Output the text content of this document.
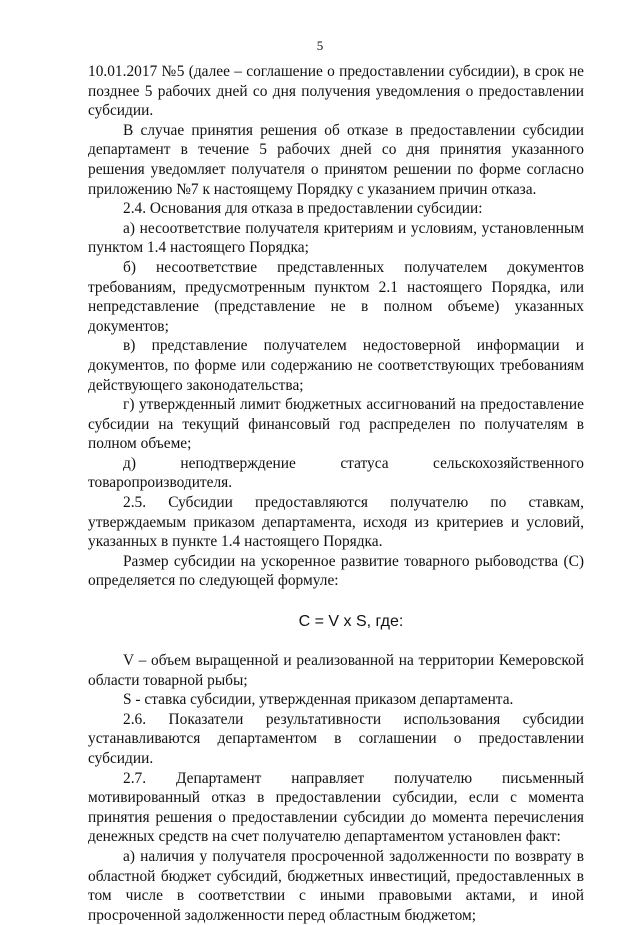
5

10.01.2017 №5 (далее – соглашение о предоставлении субсидии), в срок не позднее 5 рабочих дней со дня получения уведомления о предоставлении субсидии.

В случае принятия решения об отказе в предоставлении субсидии департамент в течение 5 рабочих дней со дня принятия указанного решения уведомляет получателя о принятом решении по форме согласно приложению №7 к настоящему Порядку с указанием причин отказа.

2.4. Основания для отказа в предоставлении субсидии:

а) несоответствие получателя критериям и условиям, установленным пунктом 1.4 настоящего Порядка;

б) несоответствие представленных получателем документов требованиям, предусмотренным пунктом 2.1 настоящего Порядка, или непредставление (представление не в полном объеме) указанных документов;

в) представление получателем недостоверной информации и документов, по форме или содержанию не соответствующих требованиям действующего законодательства;

г) утвержденный лимит бюджетных ассигнований на предоставление субсидии на текущий финансовый год распределен по получателям в полном объеме;

д) неподтверждение статуса сельскохозяйственного товаропроизводителя.

2.5. Субсидии предоставляются получателю по ставкам, утверждаемым приказом департамента, исходя из критериев и условий, указанных в пункте 1.4 настоящего Порядка.

Размер субсидии на ускоренное развитие товарного рыбоводства (С) определяется по следующей формуле:

C = V x S, где:

V – объем выращенной и реализованной на территории Кемеровской области товарной рыбы;

S - ставка субсидии, утвержденная приказом департамента.

2.6. Показатели результативности использования субсидии устанавливаются департаментом в соглашении о предоставлении субсидии.

2.7. Департамент направляет получателю письменный мотивированный отказ в предоставлении субсидии, если с момента принятия решения о предоставлении субсидии до момента перечисления денежных средств на счет получателю департаментом установлен факт:

а) наличия у получателя просроченной задолженности по возврату в областной бюджет субсидий, бюджетных инвестиций, предоставленных в том числе в соответствии с иными правовыми актами, и иной просроченной задолженности перед областным бюджетом;
